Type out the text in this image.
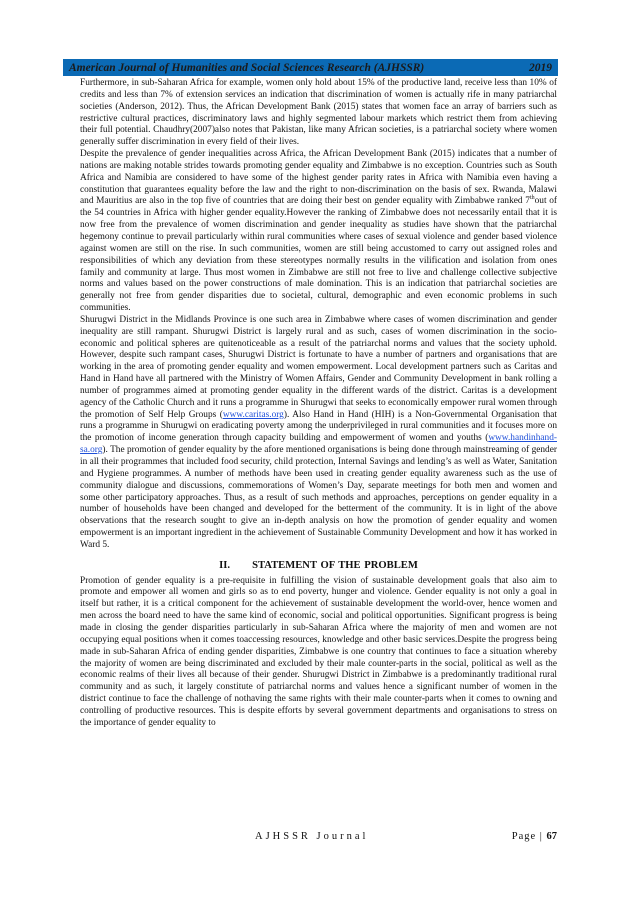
American Journal of Humanities and Social Sciences Research (AJHSSR)	2019

Furthermore, in sub-Saharan Africa for example, women only hold about 15% of the productive land, receive less than 10% of credits and less than 7% of extension services an indication that discrimination of women is actually rife in many patriarchal societies (Anderson, 2012). Thus, the African Development Bank (2015) states that women face an array of barriers such as restrictive cultural practices, discriminatory laws and highly segmented labour markets which restrict them from achieving their full potential. Chaudhry(2007)also notes that Pakistan, like many African societies, is a patriarchal society where women generally suffer discrimination in every field of their lives.

Despite the prevalence of gender inequalities across Africa, the African Development Bank (2015) indicates that a number of nations are making notable strides towards promoting gender equality and Zimbabwe is no exception. Countries such as South Africa and Namibia are considered to have some of the highest gender parity rates in Africa with Namibia even having a constitution that guarantees equality before the law and the right to non-discrimination on the basis of sex. Rwanda, Malawi and Mauritius are also in the top five of countries that are doing their best on gender equality with Zimbabwe ranked 7thout of the 54 countries in Africa with higher gender equality.However the ranking of Zimbabwe does not necessarily entail that it is now free from the prevalence of women discrimination and gender inequality as studies have shown that the patriarchal hegemony continue to prevail particularly within rural communities where cases of sexual violence and gender based violence against women are still on the rise. In such communities, women are still being accustomed to carry out assigned roles and responsibilities of which any deviation from these stereotypes normally results in the vilification and isolation from ones family and community at large. Thus most women in Zimbabwe are still not free to live and challenge collective subjective norms and values based on the power constructions of male domination. This is an indication that patriarchal societies are generally not free from gender disparities due to societal, cultural, demographic and even economic problems in such communities.

Shurugwi District in the Midlands Province is one such area in Zimbabwe where cases of women discrimination and gender inequality are still rampant. Shurugwi District is largely rural and as such, cases of women discrimination in the socio-economic and political spheres are quitenoticeable as a result of the patriarchal norms and values that the society uphold. However, despite such rampant cases, Shurugwi District is fortunate to have a number of partners and organisations that are working in the area of promoting gender equality and women empowerment. Local development partners such as Caritas and Hand in Hand have all partnered with the Ministry of Women Affairs, Gender and Community Development in bank rolling a number of programmes aimed at promoting gender equality in the different wards of the district. Caritas is a development agency of the Catholic Church and it runs a programme in Shurugwi that seeks to economically empower rural women through the promotion of Self Help Groups (www.caritas.org). Also Hand in Hand (HIH) is a Non-Governmental Organisation that runs a programme in Shurugwi on eradicating poverty among the underprivileged in rural communities and it focuses more on the promotion of income generation through capacity building and empowerment of women and youths (www.handinhand-sa.org). The promotion of gender equality by the afore mentioned organisations is being done through mainstreaming of gender in all their programmes that included food security, child protection, Internal Savings and lending’s as well as Water, Sanitation and Hygiene programmes. A number of methods have been used in creating gender equality awareness such as the use of community dialogue and discussions, commemorations of Women’s Day, separate meetings for both men and women and some other participatory approaches. Thus, as a result of such methods and approaches, perceptions on gender equality in a number of households have been changed and developed for the betterment of the community. It is in light of the above observations that the research sought to give an in-depth analysis on how the promotion of gender equality and women empowerment is an important ingredient in the achievement of Sustainable Community Development and how it has worked in Ward 5.

II. STATEMENT OF THE PROBLEM

Promotion of gender equality is a pre-requisite in fulfilling the vision of sustainable development goals that also aim to promote and empower all women and girls so as to end poverty, hunger and violence. Gender equality is not only a goal in itself but rather, it is a critical component for the achievement of sustainable development the world-over, hence women and men across the board need to have the same kind of economic, social and political opportunities. Significant progress is being made in closing the gender disparities particularly in sub-Saharan Africa where the majority of men and women are not occupying equal positions when it comes toaccessing resources, knowledge and other basic services.Despite the progress being made in sub-Saharan Africa of ending gender disparities, Zimbabwe is one country that continues to face a situation whereby the majority of women are being discriminated and excluded by their male counter-parts in the social, political as well as the economic realms of their lives all because of their gender. Shurugwi District in Zimbabwe is a predominantly traditional rural community and as such, it largely constitute of patriarchal norms and values hence a significant number of women in the district continue to face the challenge of nothaving the same rights with their male counter-parts when it comes to owning and controlling of productive resources. This is despite efforts by several government departments and organisations to stress on the importance of gender equality to

AJHSSR Journal	Page | 67
